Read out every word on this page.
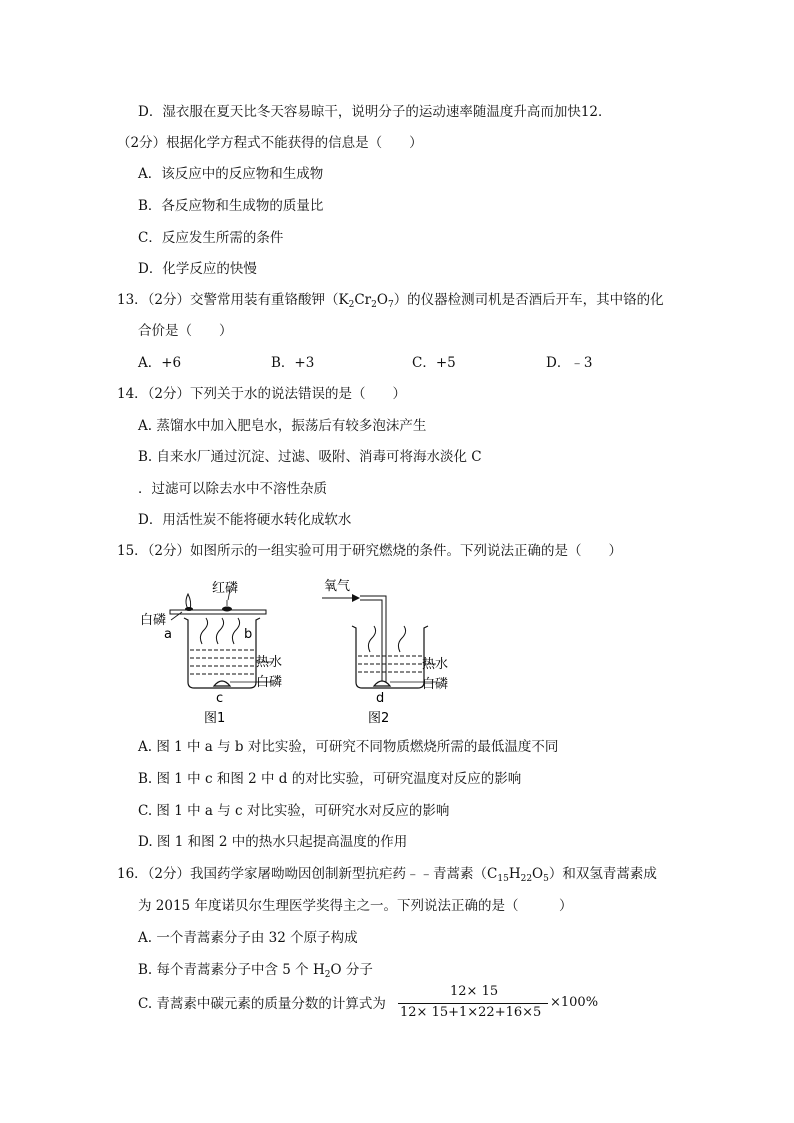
D．湿衣服在夏天比冬天容易晾干，说明分子的运动速率随温度升高而加快12．
（2分）根据化学方程式不能获得的信息是（　　）
A．该反应中的反应物和生成物
B．各反应物和生成物的质量比
C．反应发生所需的条件
D．化学反应的快慢
13．（2分）交警常用装有重铬酸钾$(K_2Cr_2O_7)$的仪器检测司机是否酒后开车，其中铬的化
合价是（　　）
A．+6	B．+3	C．+5	D．﹣3
14．（2分）下列关于水的说法错误的是（　　）
A. 蒸馏水中加入肥皂水，振荡后有较多泡沫产生
B. 自来水厂通过沉淀、过滤、吸附、消毒可将海水淡化 C
．过滤可以除去水中不溶性杂质
D．用活性炭不能将硬水转化成软水
15．（2分）如图所示的一组实验可用于研究燃烧的条件。下列说法正确的是（　　）
红磷
白磷
a	b
热水
白磷
c
图1
氧气
热水
白磷
d
图2
A. 图 1 中 a 与 b 对比实验，可研究不同物质燃烧所需的最低温度不同
B. 图 1 中 c 和图 2 中 d 的对比实验，可研究温度对反应的影响
C. 图 1 中 a 与 c 对比实验，可研究水对反应的影响
D. 图 1 和图 2 中的热水只起提高温度的作用
16．（2分）我国药学家屠呦呦因创制新型抗疟药﹣﹣青蒿素$(C_{15}H_{22}O_5)$和双氢青蒿素成
为 2015 年度诺贝尔生理医学奖得主之一。下列说法正确的是（　　　）
A. 一个青蒿素分子由 32 个原子构成
B. 每个青蒿素分子中含 5 个 $H_2O$ 分子
C. 青蒿素中碳元素的质量分数的计算式为
12× 15
12× 15+1×22+16×5
×100%
